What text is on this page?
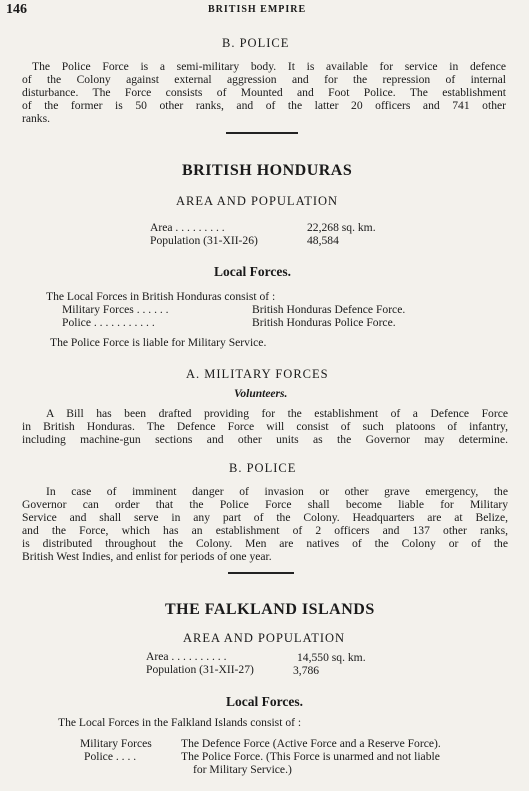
146	BRITISH EMPIRE
B. POLICE
The Police Force is a semi-military body. It is available for service in defence
of the Colony against external aggression and for the repression of internal
disturbance. The Force consists of Mounted and Foot Police. The establishment
of the former is 50 other ranks, and of the latter 20 officers and 741 other
ranks.
BRITISH HONDURAS
AREA AND POPULATION
Area . . . . . . . . .	22,268 sq. km.
Population (31-XII-26)	48,584
Local Forces.
The Local Forces in British Honduras consist of :
Military Forces . . . . . .	British Honduras Defence Force.
Police . . . . . . . . . . .	British Honduras Police Force.
The Police Force is liable for Military Service.
A. MILITARY FORCES
Volunteers.
A Bill has been drafted providing for the establishment of a Defence Force
in British Honduras. The Defence Force will consist of such platoons of infantry,
including machine-gun sections and other units as the Governor may determine.
B. POLICE
In case of imminent danger of invasion or other grave emergency, the
Governor can order that the Police Force shall become liable for Military
Service and shall serve in any part of the Colony. Headquarters are at Belize,
and the Force, which has an establishment of 2 officers and 137 other ranks,
is distributed throughout the Colony. Men are natives of the Colony or of the
British West Indies, and enlist for periods of one year.
THE FALKLAND ISLANDS
AREA AND POPULATION
Area . . . . . . . . . .	14,550 sq. km.
Population (31-XII-27)	3,786
Local Forces.
The Local Forces in the Falkland Islands consist of :
Military Forces	The Defence Force (Active Force and a Reserve Force).
Police . . . .	The Police Force. (This Force is unarmed and not liable
for Military Service.)
